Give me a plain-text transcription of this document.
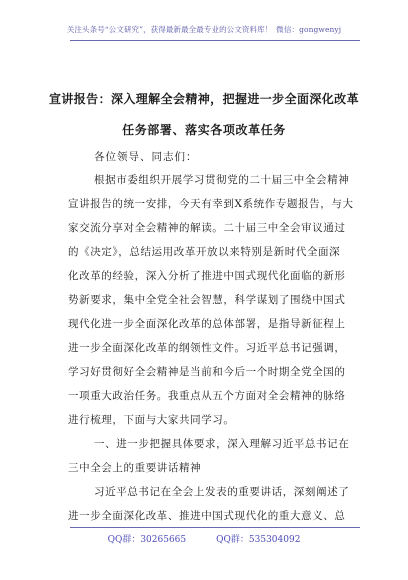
关注头条号“公文研究”，获得最新最全最专业的公文资料库！ 微信：gongwenyj
宣讲报告：深入理解全会精神，把握进一步全面深化改革
任务部署、落实各项改革任务
各位领导、同志们：
根据市委组织开展学习贯彻党的二十届三中全会精神
宣讲报告的统一安排，今天有幸到X系统作专题报告，与大
家交流分享对全会精神的解读。二十届三中全会审议通过
的《决定》，总结运用改革开放以来特别是新时代全面深
化改革的经验，深入分析了推进中国式现代化面临的新形
势新要求，集中全党全社会智慧，科学谋划了围绕中国式
现代化进一步全面深化改革的总体部署，是指导新征程上
进一步全面深化改革的纲领性文件。习近平总书记强调，
学习好贯彻好全会精神是当前和今后一个时期全党全国的
一项重大政治任务。我重点从五个方面对全会精神的脉络
进行梳理，下面与大家共同学习。
一、进一步把握具体要求，深入理解习近平总书记在
三中全会上的重要讲话精神
习近平总书记在全会上发表的重要讲话，深刻阐述了
进一步全面深化改革、推进中国式现代化的重大意义、总
QQ群：30265665	QQ群：535304092
